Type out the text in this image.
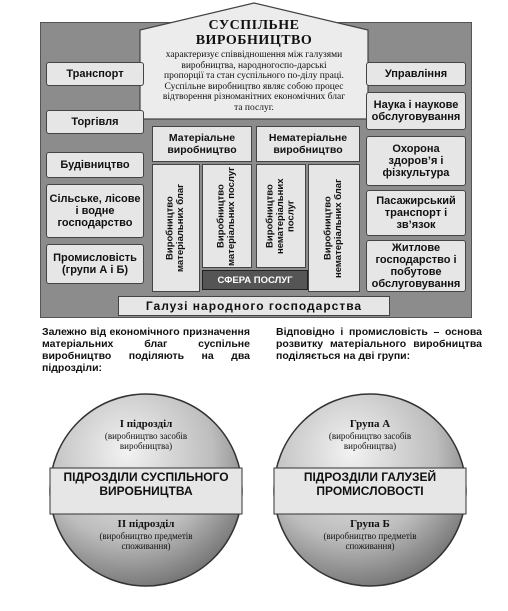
СУСПІЛЬНЕ
ВИРОБНИЦТВО
характеризує співвідношення між галузями виробництва, народногоспо-дарські пропорції та стан суспільного по-ділу праці. Суспільне виробництво являє собою процес відтворення різноманітних економічних благ та послуг.
Транспорт
Торгівля
Будівництво
Сільське, лісове і водне господарство
Промисловість (групи А і Б)
Управління
Наука і наукове обслуговування
Охорона здоров’я і фізкультура
Пасажирський транспорт і зв’язок
Житлове господарство і побутове обслуговування
Матеріальне виробництво
Нематеріальне виробництво
Виробництво матеріальних благ	Виробництво матеріальних послуг	Виробництво нематеріальних послуг	Виробництво нематеріальних благ
СФЕРА ПОСЛУГ
Галузі народного господарства
Залежно від економічного призначення матеріальних благ суспільне виробництво поділяють на два підрозділи:
Відповідно і промисловість – основа розвитку матеріального виробництва поділяється на дві групи:
І підрозділ
(виробництво засобів виробництва)
ПІДРОЗДІЛИ СУСПІЛЬНОГО ВИРОБНИЦТВА
ІІ підрозділ
(виробництво предметів споживання)
Група А
(виробництво засобів виробництва)
ПІДРОЗДІЛИ ГАЛУЗЕЙ ПРОМИСЛОВОСТІ
Група Б
(виробництво предметів споживання)
